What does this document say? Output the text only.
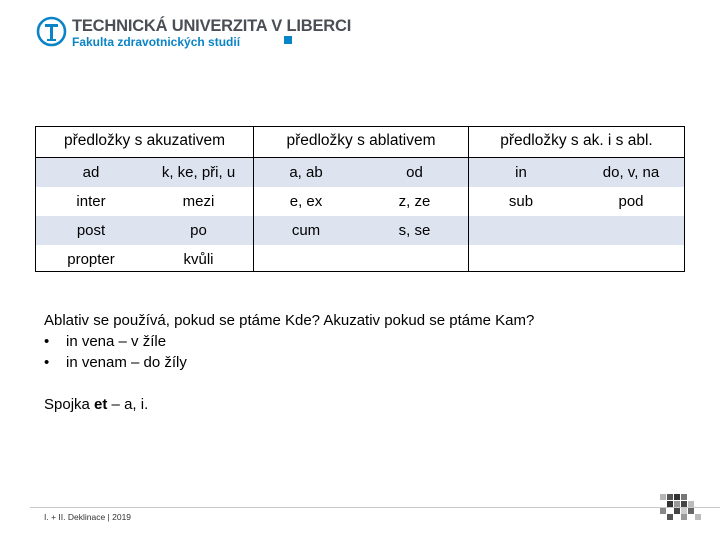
TECHNICKÁ UNIVERZITA V LIBERCI
Fakulta zdravotnických studií
předložky s akuzativem	předložky s ablativem	předložky s ak. i s abl.
ad	k, ke, při, u	a, ab	od	in	do, v, na
inter	mezi	e, ex	z, ze	sub	pod
post	po	cum	s, se
propter	kvůli
Ablativ se používá, pokud se ptáme Kde? Akuzativ pokud se ptáme Kam?
•	in vena – v žíle
•	in venam – do žíly
Spojka et – a, i.
I. + II. Deklinace | 2019
